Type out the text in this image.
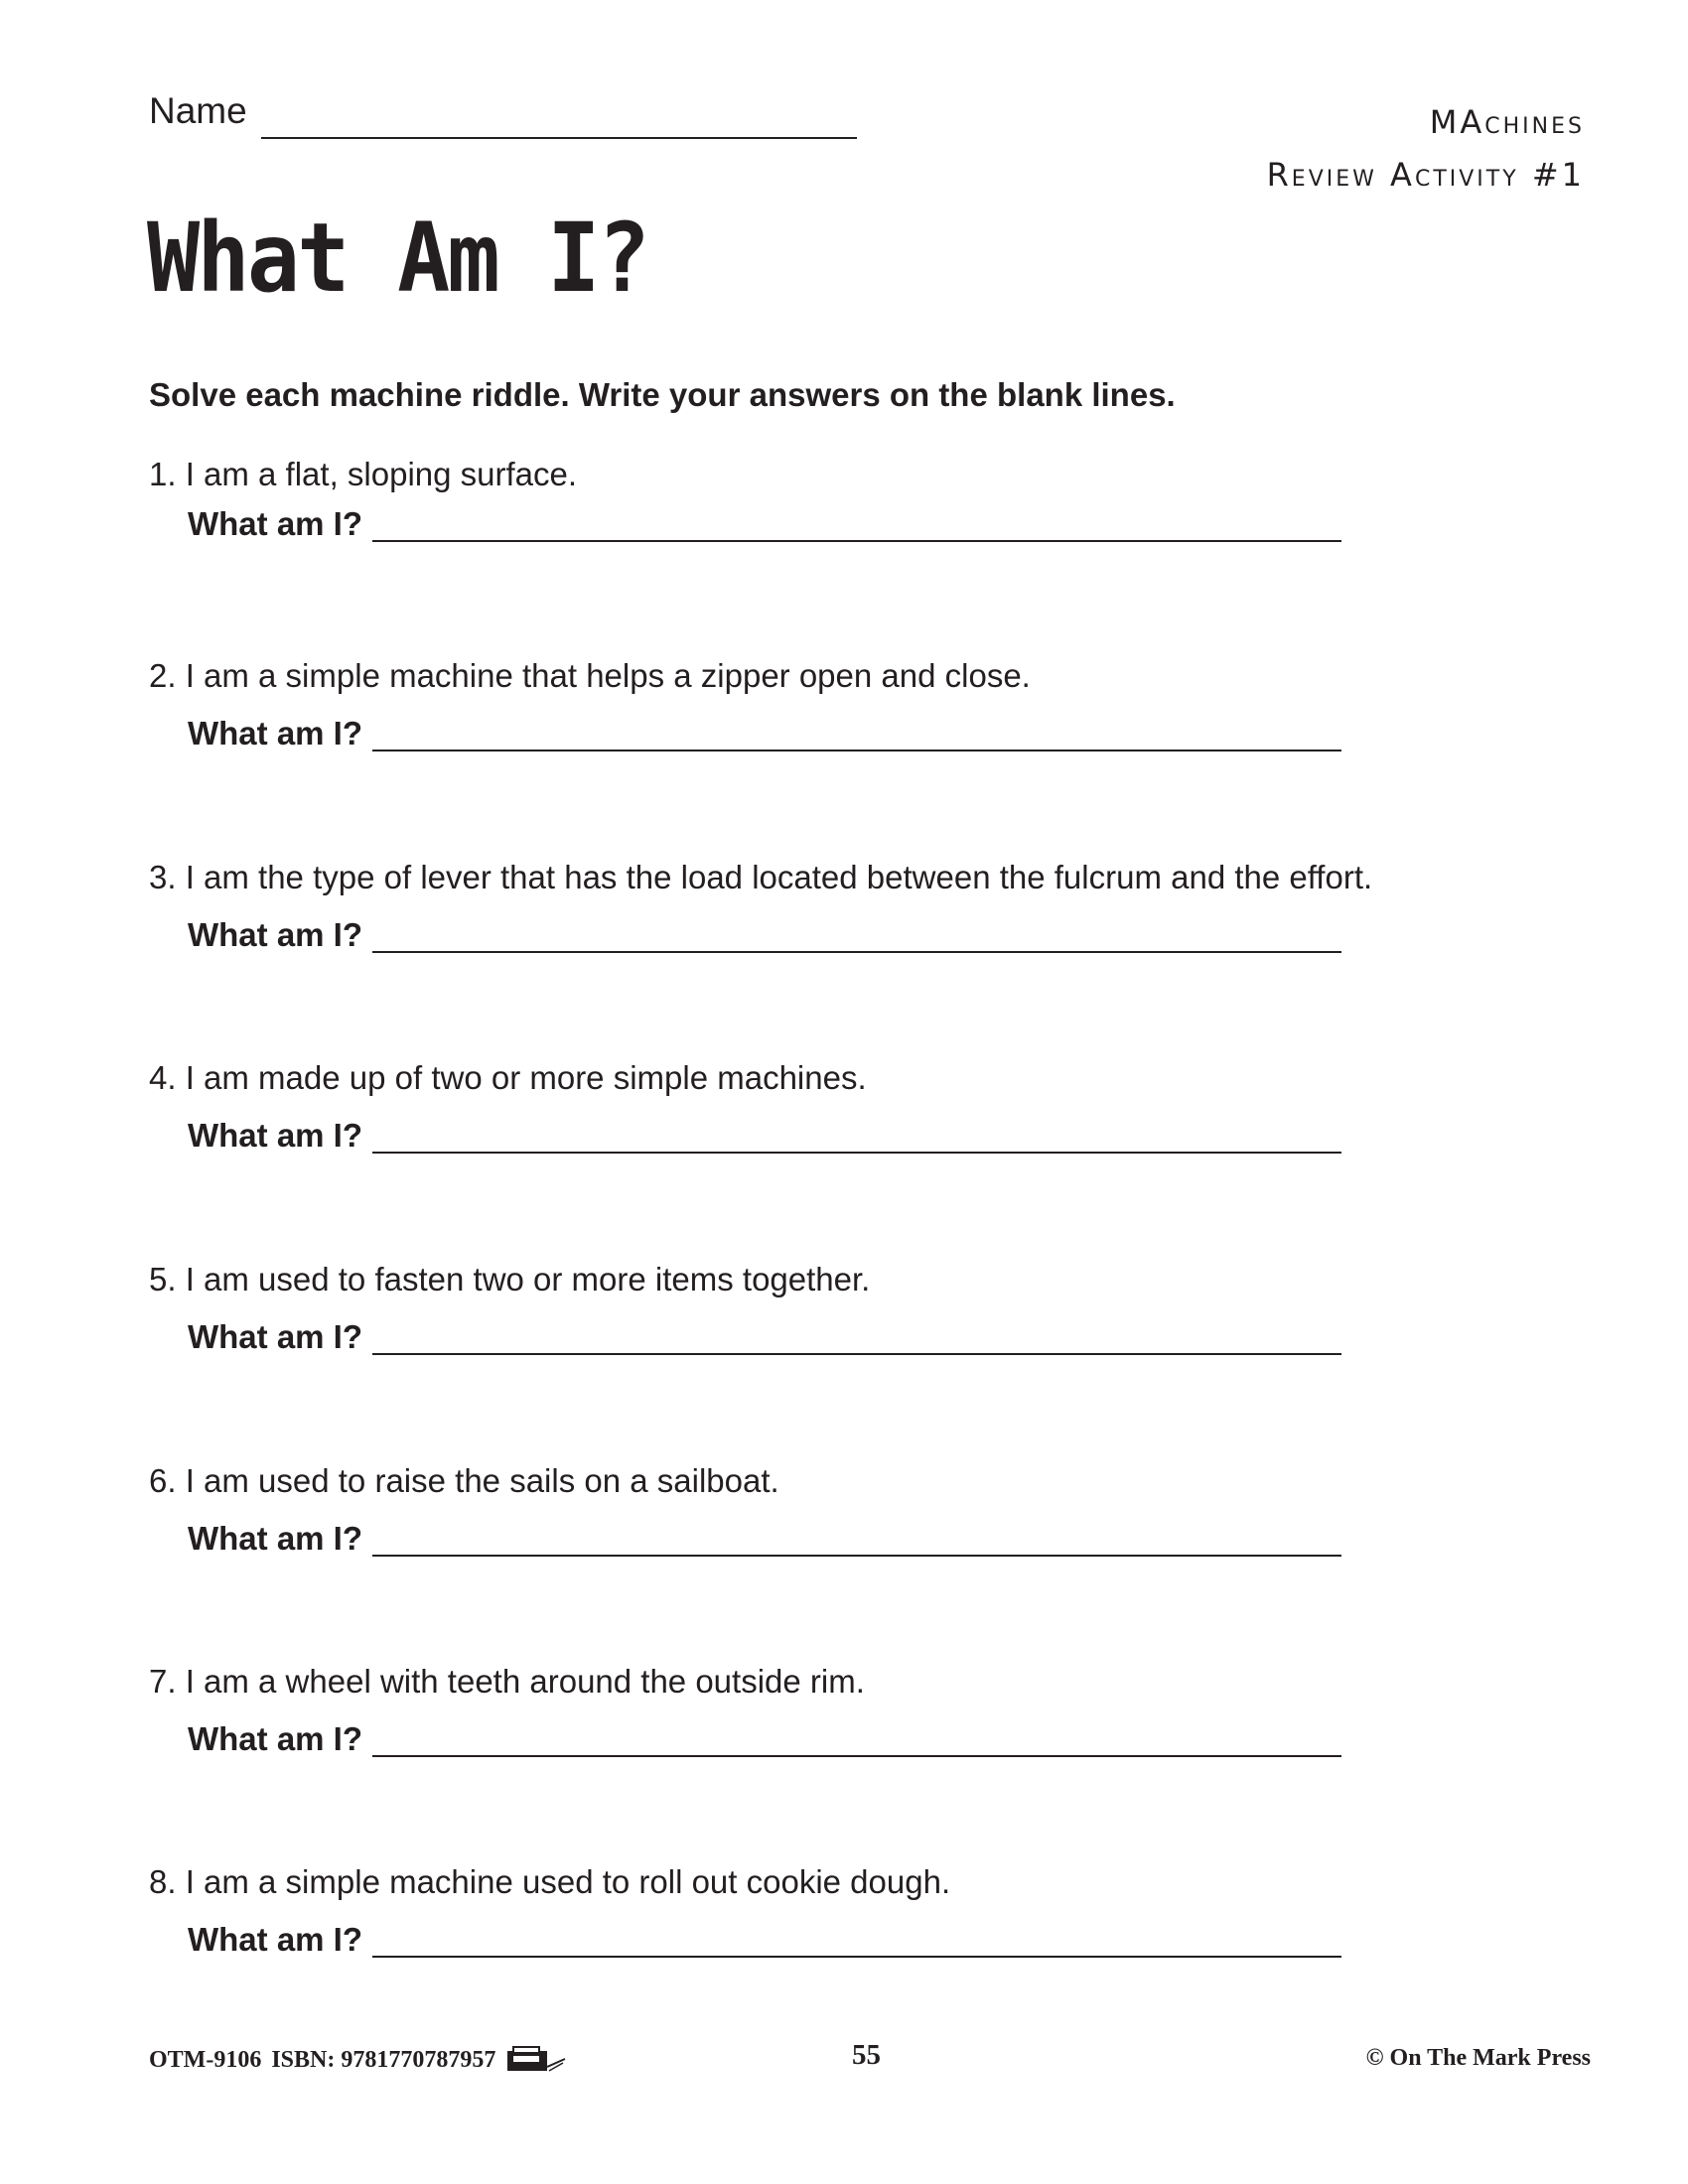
Name	MAchines
Review Activity #1
What Am I?
Solve each machine riddle. Write your answers on the blank lines.
1. I am a flat, sloping surface.
What am I?
2. I am a simple machine that helps a zipper open and close.
What am I?
3. I am the type of lever that has the load located between the fulcrum and the effort.
What am I?
4. I am made up of two or more simple machines.
What am I?
5. I am used to fasten two or more items together.
What am I?
6. I am used to raise the sails on a sailboat.
What am I?
7. I am a wheel with teeth around the outside rim.
What am I?
8. I am a simple machine used to roll out cookie dough.
What am I?
OTM-9106 ISBN: 9781770787957	55	© On The Mark Press
